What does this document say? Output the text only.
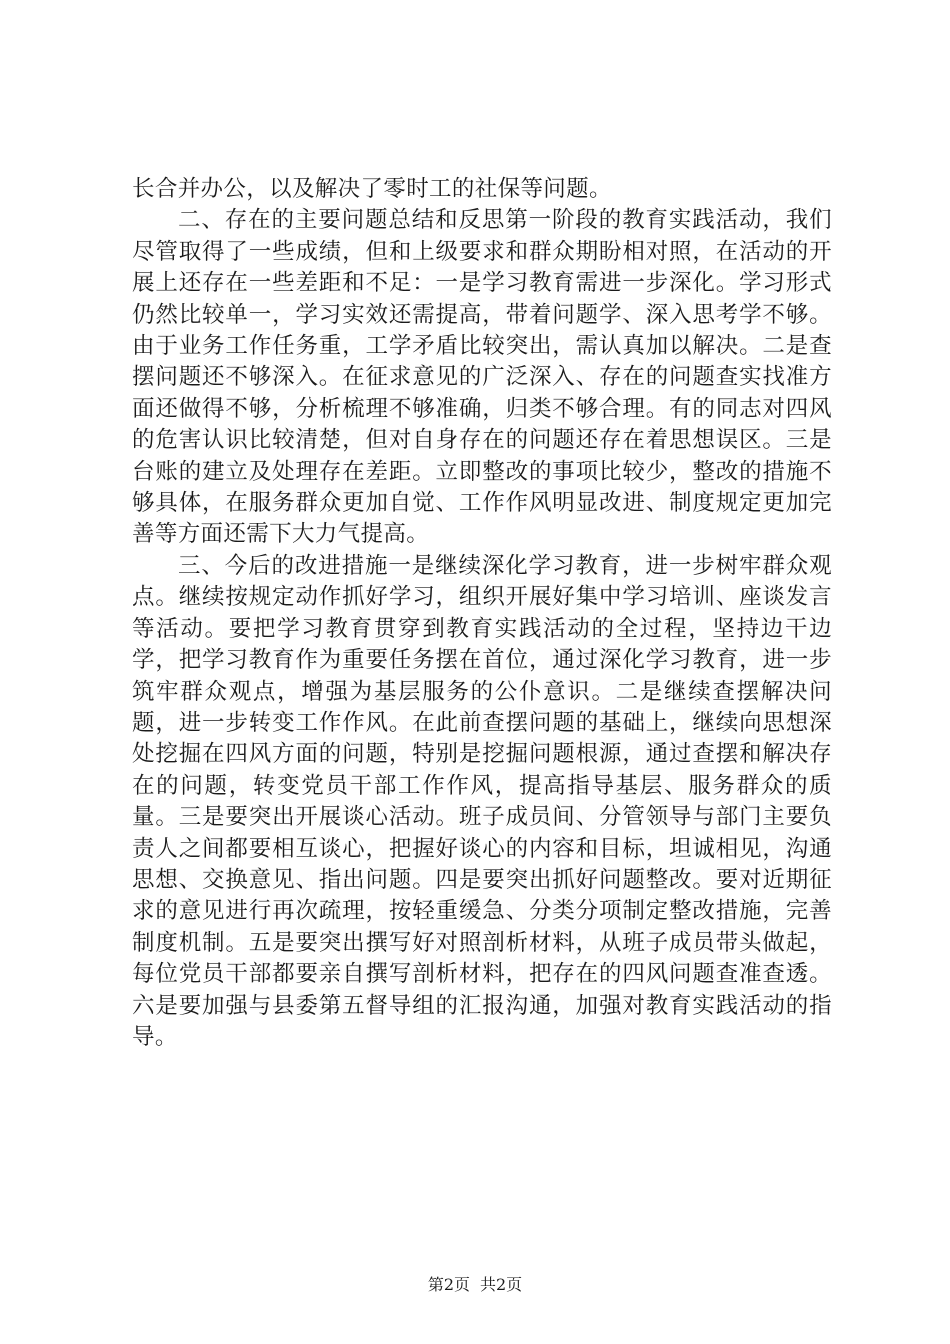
长合并办公，以及解决了零时工的社保等问题。

二、存在的主要问题总结和反思第一阶段的教育实践活动，我们尽管取得了一些成绩，但和上级要求和群众期盼相对照，在活动的开展上还存在一些差距和不足：一是学习教育需进一步深化。学习形式仍然比较单一，学习实效还需提高，带着问题学、深入思考学不够。由于业务工作任务重，工学矛盾比较突出，需认真加以解决。二是查摆问题还不够深入。在征求意见的广泛深入、存在的问题查实找准方面还做得不够，分析梳理不够准确，归类不够合理。有的同志对四风的危害认识比较清楚，但对自身存在的问题还存在着思想误区。三是台账的建立及处理存在差距。立即整改的事项比较少，整改的措施不够具体，在服务群众更加自觉、工作作风明显改进、制度规定更加完善等方面还需下大力气提高。

三、今后的改进措施一是继续深化学习教育，进一步树牢群众观点。继续按规定动作抓好学习，组织开展好集中学习培训、座谈发言等活动。要把学习教育贯穿到教育实践活动的全过程，坚持边干边学，把学习教育作为重要任务摆在首位，通过深化学习教育，进一步筑牢群众观点，增强为基层服务的公仆意识。二是继续查摆解决问题，进一步转变工作作风。在此前查摆问题的基础上，继续向思想深处挖掘在四风方面的问题，特别是挖掘问题根源，通过查摆和解决存在的问题，转变党员干部工作作风，提高指导基层、服务群众的质量。三是要突出开展谈心活动。班子成员间、分管领导与部门主要负责人之间都要相互谈心，把握好谈心的内容和目标，坦诚相见，沟通思想、交换意见、指出问题。四是要突出抓好问题整改。要对近期征求的意见进行再次疏理，按轻重缓急、分类分项制定整改措施，完善制度机制。五是要突出撰写好对照剖析材料，从班子成员带头做起，每位党员干部都要亲自撰写剖析材料，把存在的四风问题查准查透。六是要加强与县委第五督导组的汇报沟通，加强对教育实践活动的指导。

第2页 共2页
